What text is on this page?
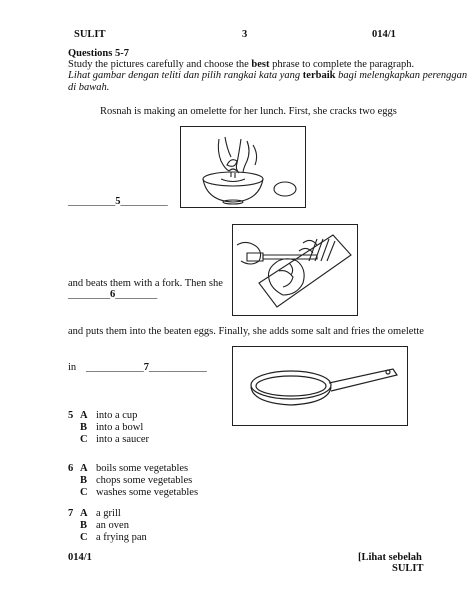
SULIT	3	014/1
Questions 5-7
Study the pictures carefully and choose the best phrase to complete the paragraph.
Lihat gambar dengan teliti dan pilih rangkai kata yang terbaik bagi melengkapkan perenggan
di bawah.
Rosnah is making an omelette for her lunch. First, she cracks two eggs
_________5_________
and beats them with a fork. Then she
________6________
and puts them into the beaten eggs. Finally, she adds some salt and fries the omelette
in ___________7___________
5 A into a cup
B into a bowl
C into a saucer
6 A boils some vegetables
B chops some vegetables
C washes some vegetables
7 A a grill
B an oven
C a frying pan
014/1	[Lihat sebelah
SULIT
